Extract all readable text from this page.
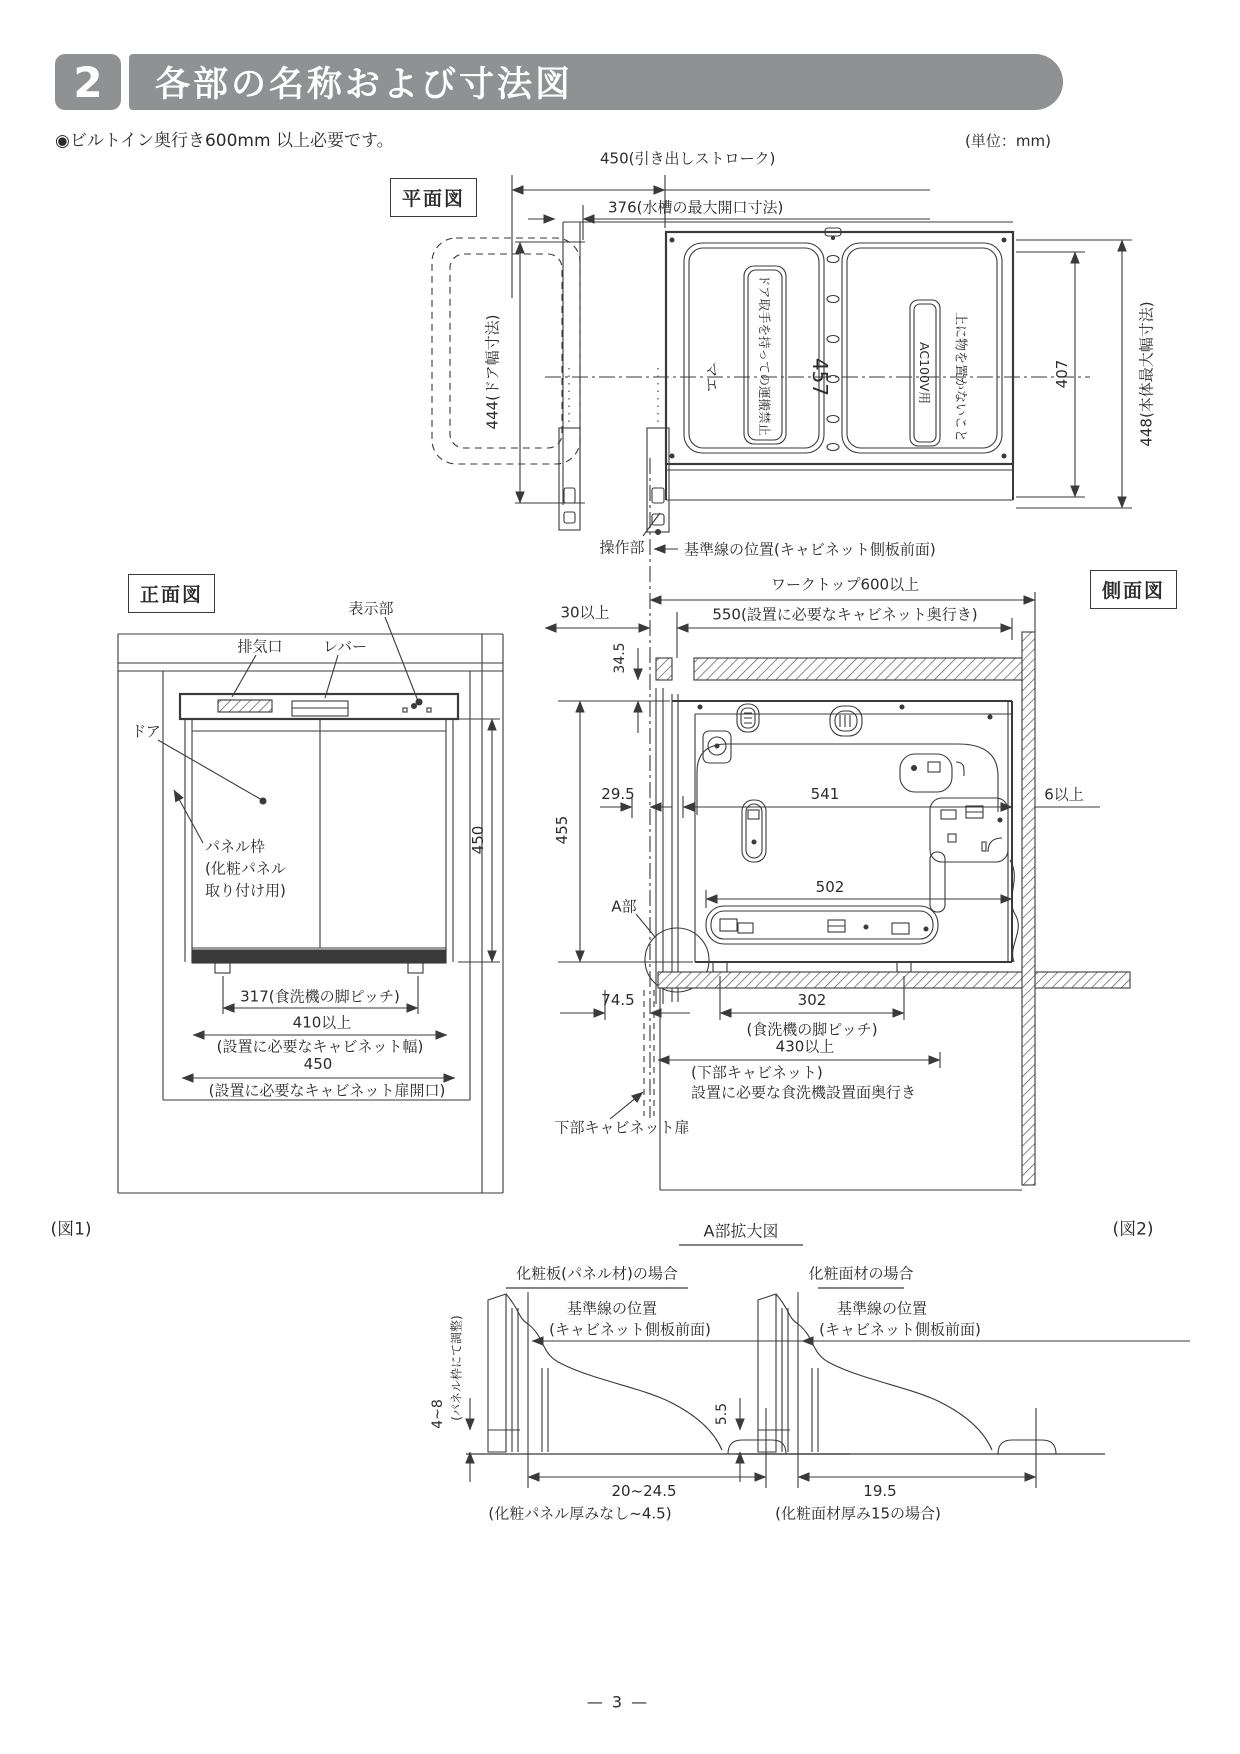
2	各部の名称および寸法図
◉ビルトイン奥行き600mm 以上必要です。	(単位：mm)
平面図
450(引き出しストローク)
376(水槽の最大開口寸法)
444(ドア幅寸法)	407	448(本体最大幅寸法)
457
マエ	ドア取手を持っての運搬禁止	AC100V用 上に物を置かないこと
操作部	基準線の位置(キャビネット側板前面)
正面図
表示部
排気口	レバー
ドア
パネル枠
(化粧パネル
取り付け用)
450
317(食洗機の脚ピッチ)
410以上
(設置に必要なキャビネット幅)
450
(設置に必要なキャビネット扉開口)
(図1)
側面図
ワークトップ600以上
550(設置に必要なキャビネット奥行き)
30以上
34.5
29.5	541	6以上
502
455
A部
74.5	302
(食洗機の脚ピッチ)
430以上
(下部キャビネット)
設置に必要な食洗機設置面奥行き
下部キャビネット扉
(図2)
A部拡大図
化粧板(パネル材)の場合	化粧面材の場合
基準線の位置
(キャビネット側板前面)
基準線の位置
(キャビネット側板前面)
4~8 (パネル枠にて調整)
20~24.5
(化粧パネル厚みなし~4.5)
5.5
19.5
(化粧面材厚み15の場合)
— 3 —
